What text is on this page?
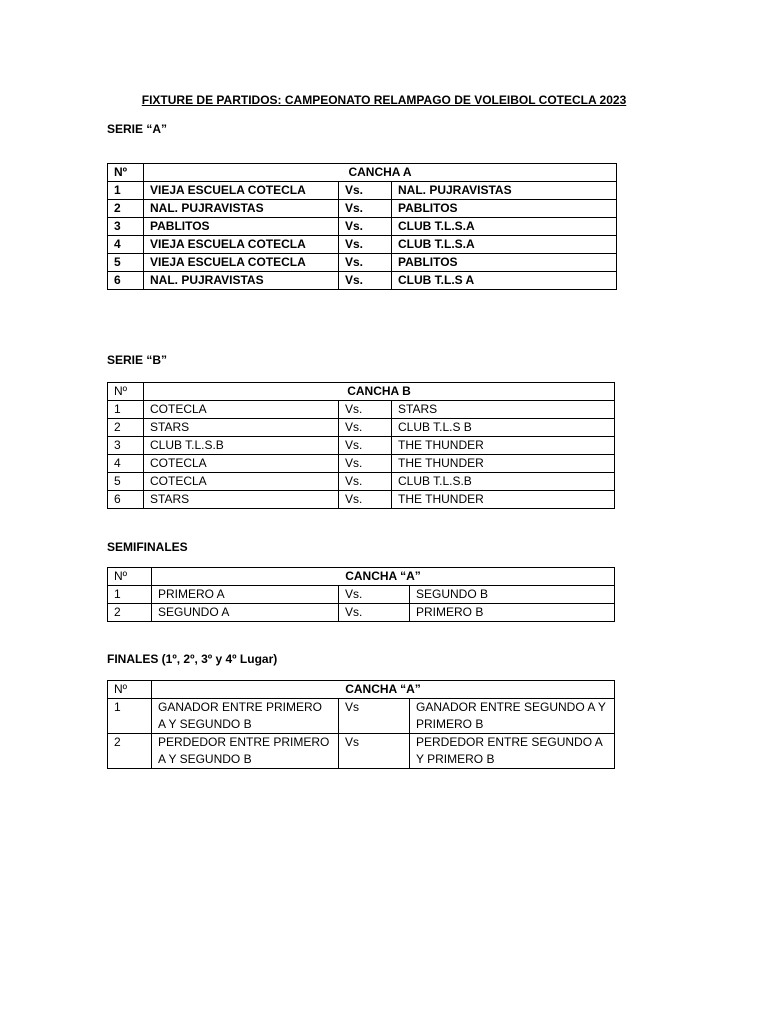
FIXTURE DE PARTIDOS: CAMPEONATO RELAMPAGO DE VOLEIBOL COTECLA 2023
SERIE “A”
Nº	CANCHA A		
1	VIEJA ESCUELA COTECLA	Vs.	NAL. PUJRAVISTAS
2	NAL. PUJRAVISTAS	Vs.	PABLITOS
3	PABLITOS	Vs.	CLUB T.L.S.A
4	VIEJA ESCUELA COTECLA	Vs.	CLUB T.L.S.A
5	VIEJA ESCUELA COTECLA	Vs.	PABLITOS
6	NAL. PUJRAVISTAS	Vs.	CLUB T.L.S A
SERIE “B”
Nº	CANCHA B		
1	COTECLA	Vs.	STARS
2	STARS	Vs.	CLUB T.L.S B
3	CLUB T.L.S.B	Vs.	THE THUNDER
4	COTECLA	Vs.	THE THUNDER
5	COTECLA	Vs.	CLUB T.L.S.B
6	STARS	Vs.	THE THUNDER
SEMIFINALES
Nº	CANCHA “A”		
1	PRIMERO A	Vs.	SEGUNDO B
2	SEGUNDO A	Vs.	PRIMERO B
FINALES (1º, 2º, 3º y 4º Lugar)
Nº	CANCHA “A”		
1	GANADOR ENTRE PRIMERO A Y SEGUNDO B	Vs	GANADOR ENTRE SEGUNDO A Y PRIMERO B
2	PERDEDOR ENTRE PRIMERO A Y SEGUNDO B	Vs	PERDEDOR ENTRE SEGUNDO A Y PRIMERO B
